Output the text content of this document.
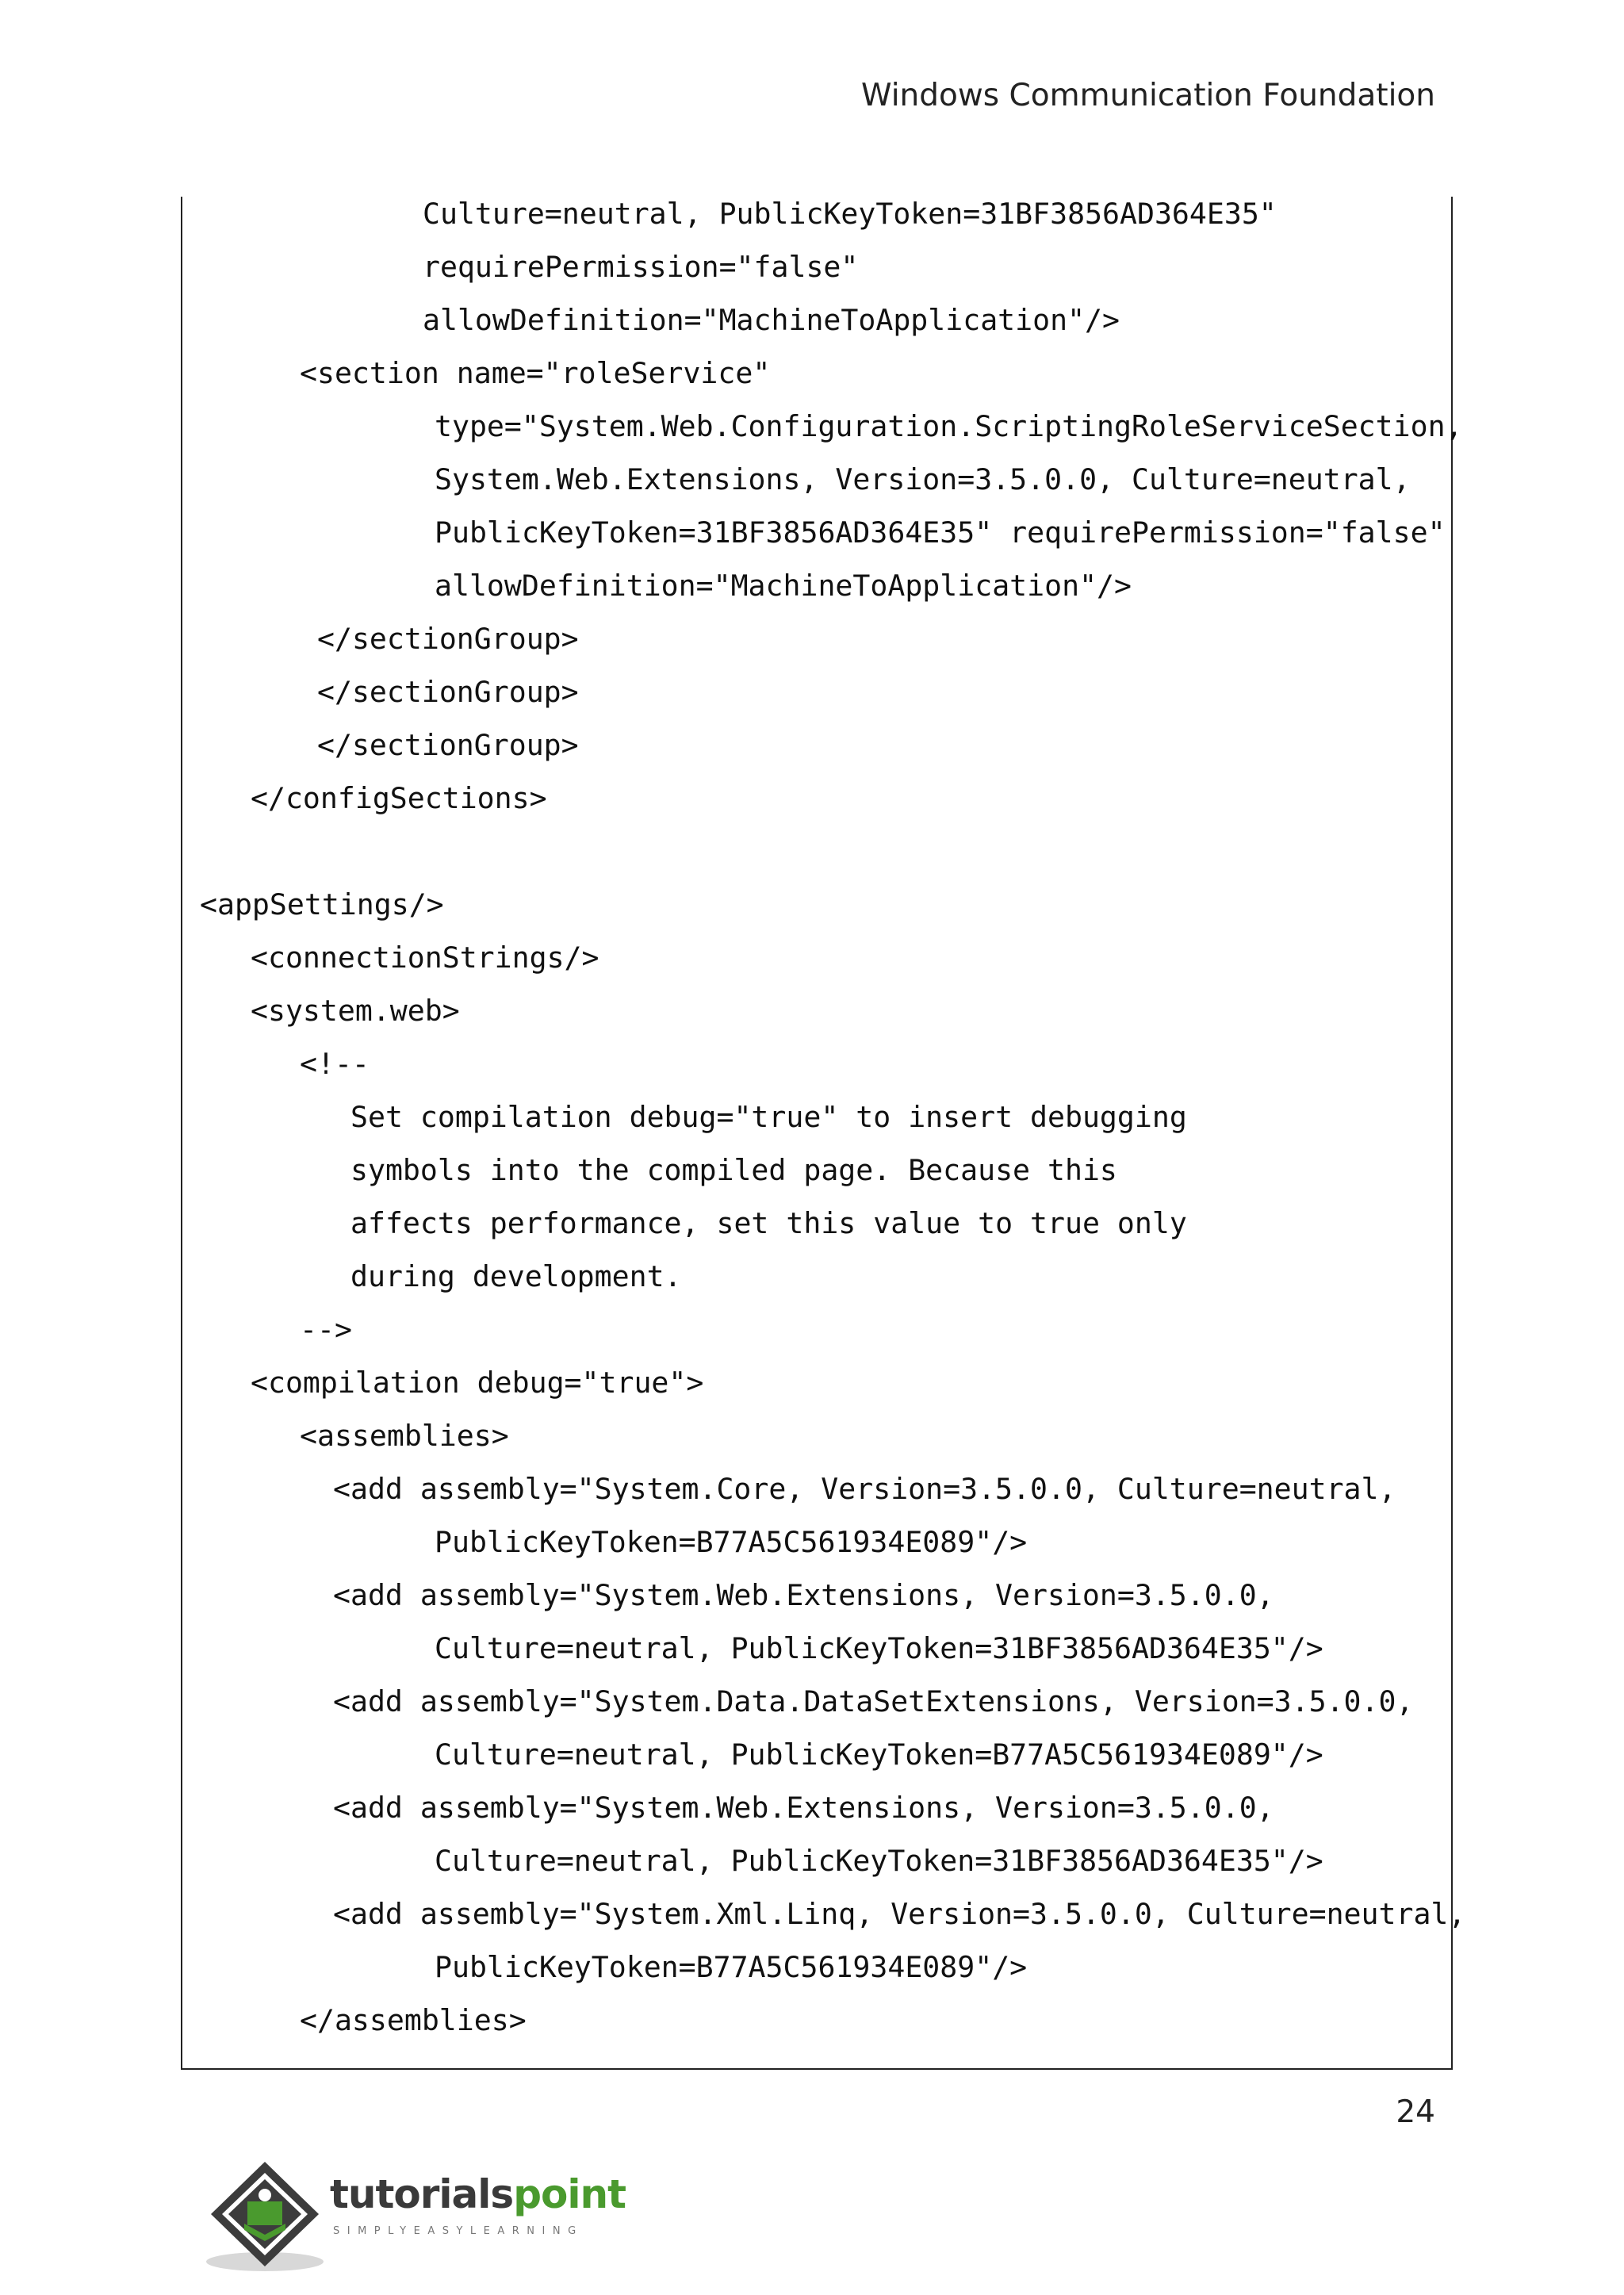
Windows Communication Foundation
Culture=neutral, PublicKeyToken=31BF3856AD364E35"
requirePermission="false"
allowDefinition="MachineToApplication"/>
<section name="roleService"
type="System.Web.Configuration.ScriptingRoleServiceSection,
System.Web.Extensions, Version=3.5.0.0, Culture=neutral,
PublicKeyToken=31BF3856AD364E35" requirePermission="false"
allowDefinition="MachineToApplication"/>
</sectionGroup>
</sectionGroup>
</sectionGroup>
</configSections>
<appSettings/>
<connectionStrings/>
<system.web>
<!--
Set compilation debug="true" to insert debugging
symbols into the compiled page. Because this
affects performance, set this value to true only
during development.
-->
<compilation debug="true">
<assemblies>
<add assembly="System.Core, Version=3.5.0.0, Culture=neutral,
PublicKeyToken=B77A5C561934E089"/>
<add assembly="System.Web.Extensions, Version=3.5.0.0,
Culture=neutral, PublicKeyToken=31BF3856AD364E35"/>
<add assembly="System.Data.DataSetExtensions, Version=3.5.0.0,
Culture=neutral, PublicKeyToken=B77A5C561934E089"/>
<add assembly="System.Web.Extensions, Version=3.5.0.0,
Culture=neutral, PublicKeyToken=31BF3856AD364E35"/>
<add assembly="System.Xml.Linq, Version=3.5.0.0, Culture=neutral,
PublicKeyToken=B77A5C561934E089"/>
</assemblies>
24
tutorialspoint
SIMPLYEASYLEARNING
